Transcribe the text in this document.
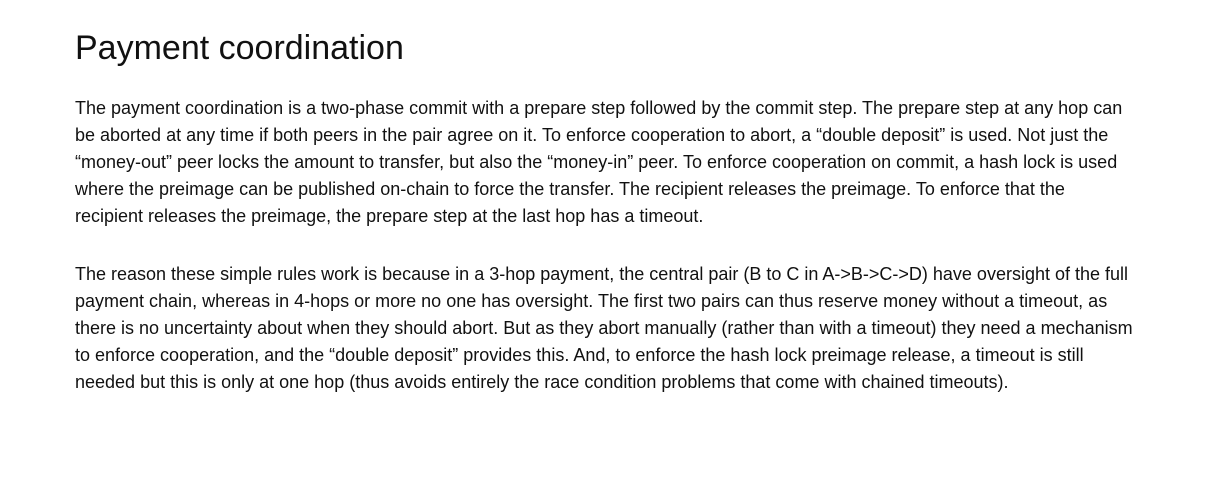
Payment coordination

The payment coordination is a two-phase commit with a prepare step followed by the commit step. The prepare step at any hop can be aborted at any time if both peers in the pair agree on it. To enforce cooperation to abort, a “double deposit” is used. Not just the “money-out” peer locks the amount to transfer, but also the “money-in” peer. To enforce cooperation on commit, a hash lock is used where the preimage can be published on-chain to force the transfer. The recipient releases the preimage. To enforce that the recipient releases the preimage, the prepare step at the last hop has a timeout.

The reason these simple rules work is because in a 3-hop payment, the central pair (B to C in A->B->C->D) have oversight of the full payment chain, whereas in 4-hops or more no one has oversight. The first two pairs can thus reserve money without a timeout, as there is no uncertainty about when they should abort. But as they abort manually (rather than with a timeout) they need a mechanism to enforce cooperation, and the “double deposit” provides this. And, to enforce the hash lock preimage release, a timeout is still needed but this is only at one hop (thus avoids entirely the race condition problems that come with chained timeouts).
